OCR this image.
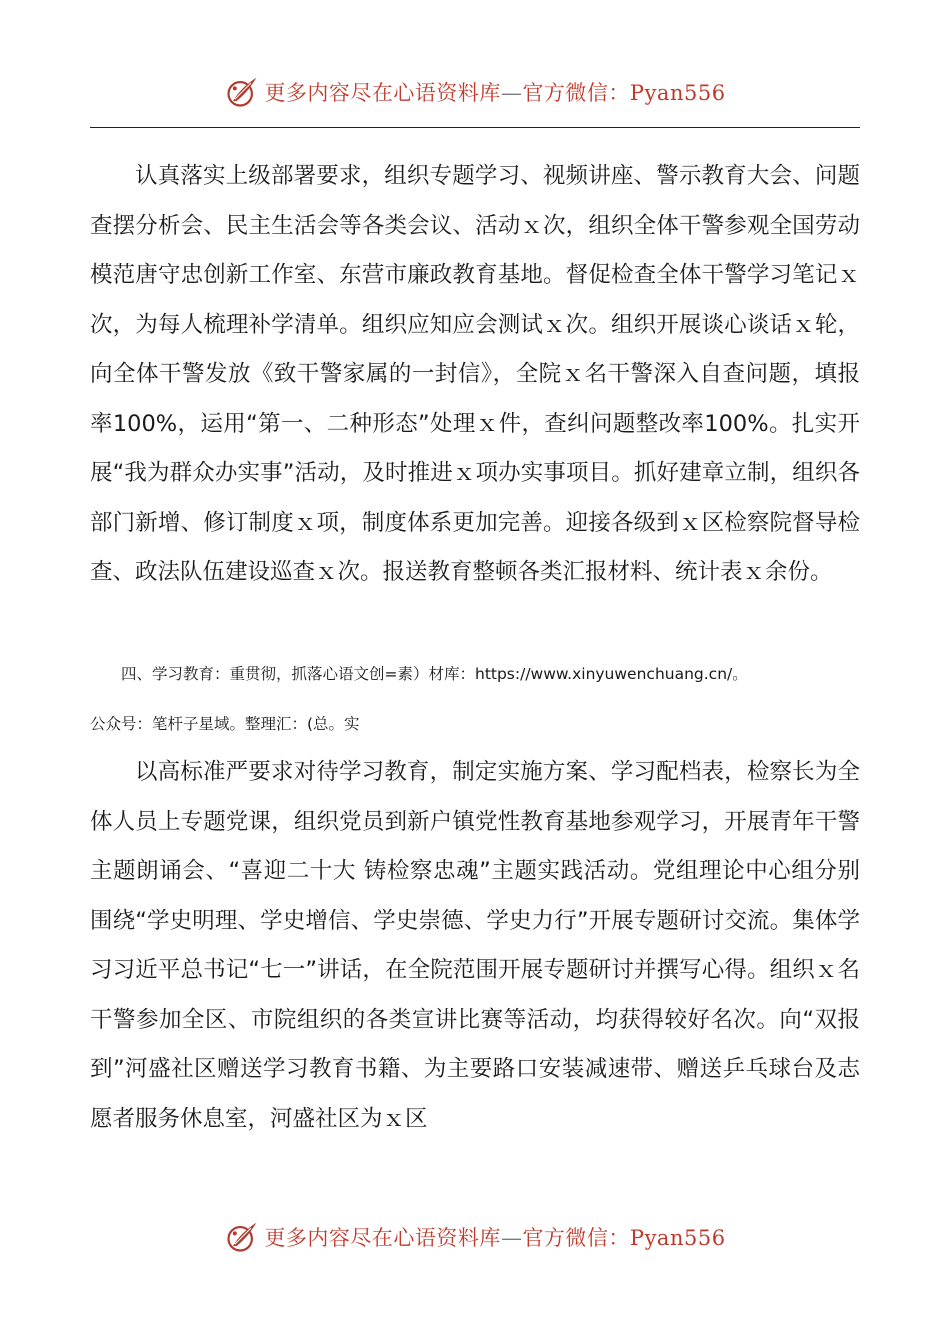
更多内容尽在心语资料库—官方微信：Pyan556

认真落实上级部署要求，组织专题学习、视频讲座、警示教育大会、问题查摆分析会、民主生活会等各类会议、活动ｘ次，组织全体干警参观全国劳动模范唐守忠创新工作室、东营市廉政教育基地。督促检查全体干警学习笔记ｘ次，为每人梳理补学清单。组织应知应会测试ｘ次。组织开展谈心谈话ｘ轮，向全体干警发放《致干警家属的一封信》，全院ｘ名干警深入自查问题，填报率100%，运用“第一、二种形态”处理ｘ件，查纠问题整改率100%。扎实开展“我为群众办实事”活动，及时推进ｘ项办实事项目。抓好建章立制，组织各部门新增、修订制度ｘ项，制度体系更加完善。迎接各级到ｘ区检察院督导检查、政法队伍建设巡查ｘ次。报送教育整顿各类汇报材料、统计表ｘ余份。

四、学习教育：重贯彻，抓落心语文创=素）材库：https://www.xinyuwenchuang.cn/。

公众号：笔杆子星域。整理汇：(总。实

以高标准严要求对待学习教育，制定实施方案、学习配档表，检察长为全体人员上专题党课，组织党员到新户镇党性教育基地参观学习，开展青年干警主题朗诵会、“喜迎二十大 铸检察忠魂”主题实践活动。党组理论中心组分别围绕“学史明理、学史增信、学史崇德、学史力行”开展专题研讨交流。集体学习习近平总书记“七一”讲话，在全院范围开展专题研讨并撰写心得。组织ｘ名干警参加全区、市院组织的各类宣讲比赛等活动，均获得较好名次。向“双报到”河盛社区赠送学习教育书籍、为主要路口安装减速带、赠送乒乓球台及志愿者服务休息室，河盛社区为ｘ区

更多内容尽在心语资料库—官方微信：Pyan556
